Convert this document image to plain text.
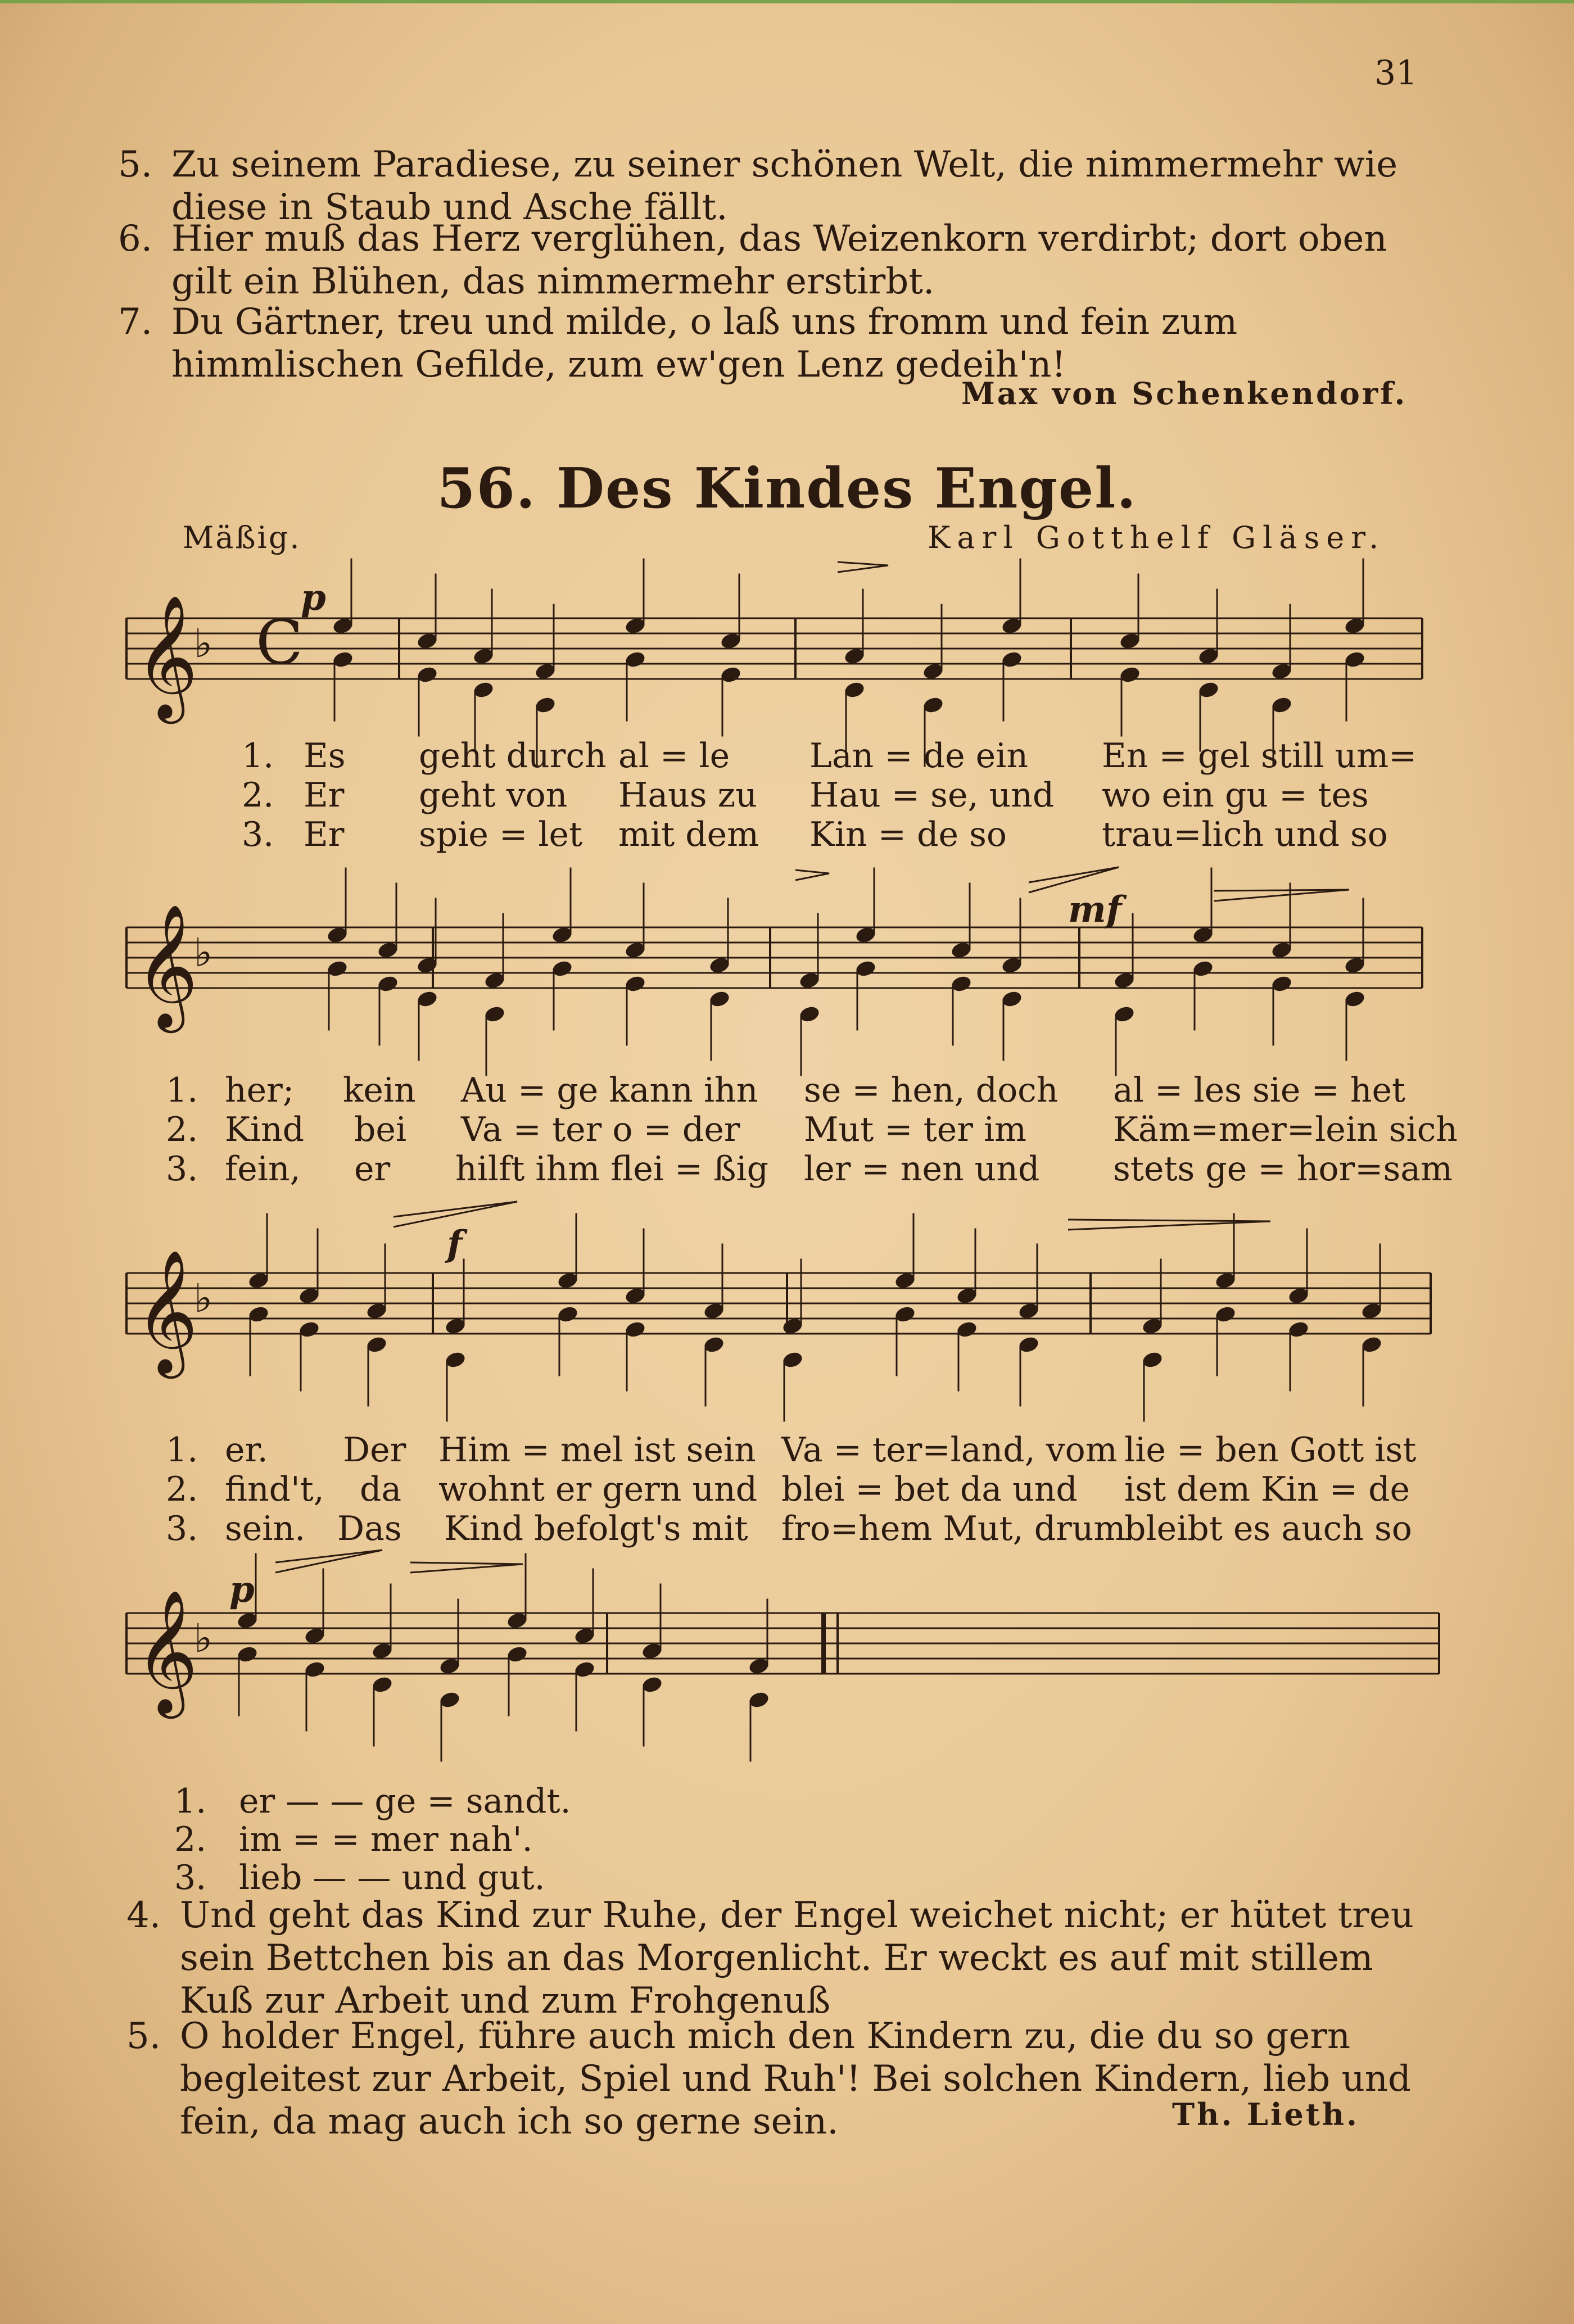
31
5. Zu seinem Paradiese, zu seiner schönen Welt, die nimmermehr wie diese in Staub und Asche fällt.
6. Hier muß das Herz verglühen, das Weizenkorn verdirbt; dort oben gilt ein Blühen, das nimmermehr erstirbt.
7. Du Gärtner, treu und milde, o laß uns fromm und fein zum himmlischen Gefilde, zum ew'gen Lenz gedeih'n!
Max von Schenkendorf.
56. Des Kindes Engel.
Mäßig.	Karl Gotthelf Gläser.
𝄞
♭ C
𝄞
♭
𝄞
♭
𝄞
♭
p
mf
f
p
1. Es geht durch al = le Lan = de ein En = gel still um=
2. Er geht von Haus zu Hau = se, und wo ein gu = tes
3. Er spie = let mit dem Kin = de so	trau=lich und so
1. her; kein Au = ge kann ihn se = hen, doch al = les sie = het
2. Kind bei Va = ter o = der Mut = ter im	Käm=mer=lein sich
3. fein, er hilft ihm flei = ßig ler = nen und stets ge = hor=sam
1. er. Der Him = mel ist sein Va = ter=land, vom lie = ben Gott ist
2. find't, da wohnt er gern und blei = bet da und ist dem Kin = de
3. sein. Das Kind befolgt's mit fro=hem Mut, drum
bleibt es auch so
1. er — — ge = sandt.
2. im = = mer nah'.
3. lieb — — und gut.
4. Und geht das Kind zur Ruhe, der Engel weichet nicht; er hütet treu sein Bettchen bis an das Morgenlicht. Er weckt es auf mit stillem Kuß zur Arbeit und zum Frohgenuß
5. O holder Engel, führe auch mich den Kindern zu, die du so gern begleitest zur Arbeit, Spiel und Ruh'! Bei solchen Kindern, lieb und fein, da mag auch ich so gerne sein.	Th. Lieth.
